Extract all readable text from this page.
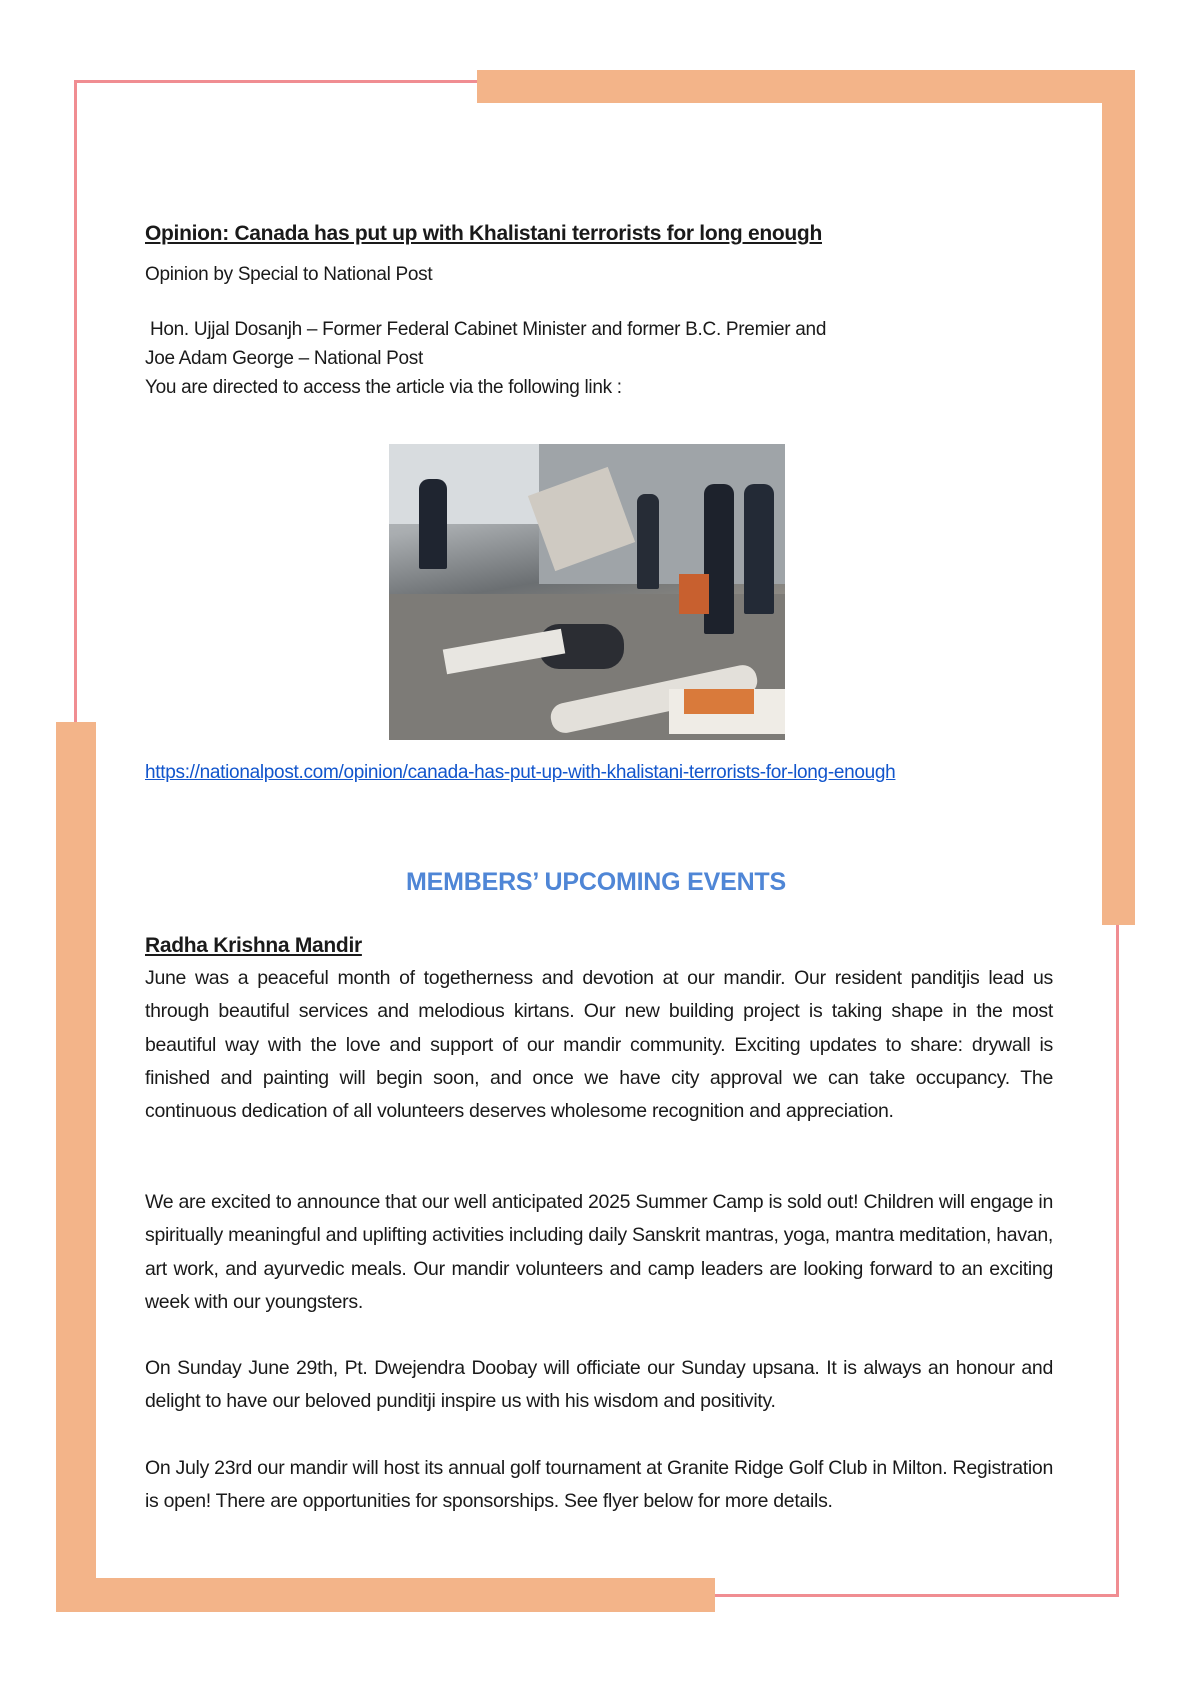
Opinion: Canada has put up with Khalistani terrorists for long enough

Opinion by Special to National Post

Hon. Ujjal Dosanjh – Former Federal Cabinet Minister and former B.C. Premier and

Joe Adam George – National Post

You are directed to access the article via the following link :

https://nationalpost.com/opinion/canada-has-put-up-with-khalistani-terrorists-for-long-enough
MEMBERS’ UPCOMING EVENTS
Radha Krishna Mandir

June was a peaceful month of togetherness and devotion at our mandir. Our resident panditjis lead us through beautiful services and melodious kirtans. Our new building project is taking shape in the most beautiful way with the love and support of our mandir community. Exciting updates to share: drywall is finished and painting will begin soon, and once we have city approval we can take occupancy. The continuous dedication of all volunteers deserves wholesome recognition and appreciation.

We are excited to announce that our well anticipated 2025 Summer Camp is sold out! Children will engage in spiritually meaningful and uplifting activities including daily Sanskrit mantras, yoga, mantra meditation, havan, art work, and ayurvedic meals. Our mandir volunteers and camp leaders are looking forward to an exciting week with our youngsters.

On Sunday June 29th, Pt. Dwejendra Doobay will officiate our Sunday upsana. It is always an honour and delight to have our beloved punditji inspire us with his wisdom and positivity.

On July 23rd our mandir will host its annual golf tournament at Granite Ridge Golf Club in Milton. Registration is open! There are opportunities for sponsorships. See flyer below for more details.
